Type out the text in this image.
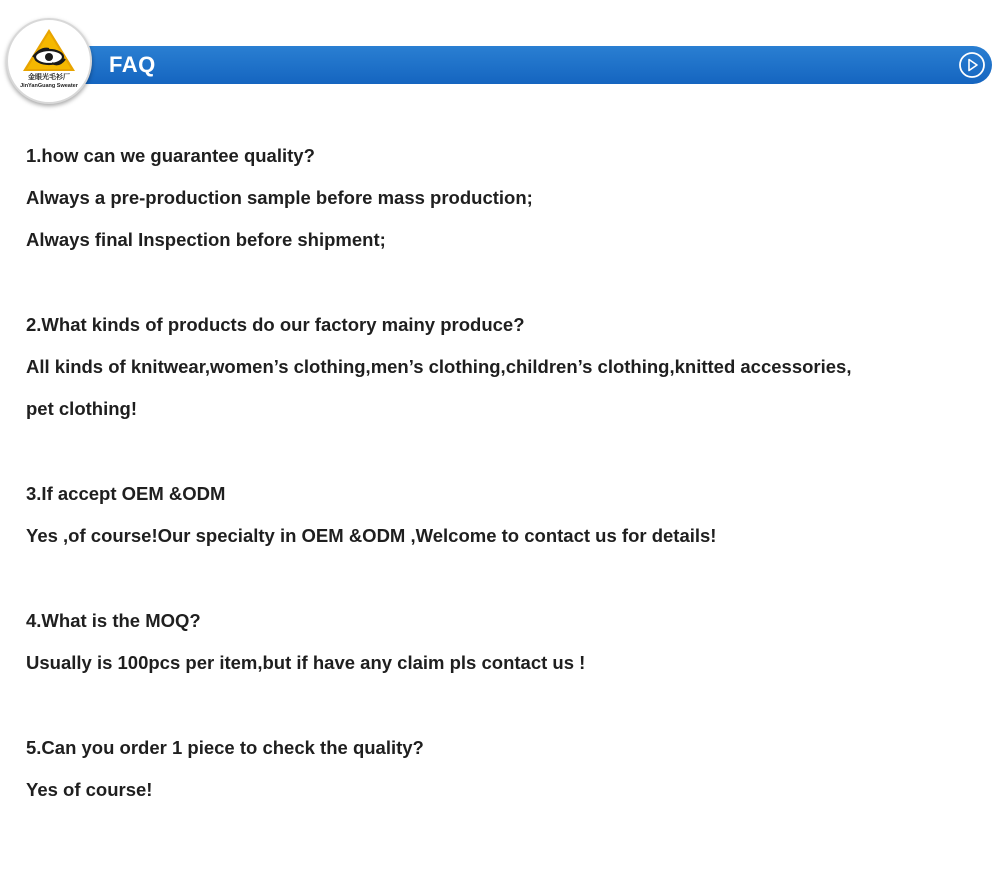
FAQ
金眼光毛衫厂
JinYanGuang Sweater
1.how can we guarantee quality?
Always a pre-production sample before mass production;
Always final Inspection before shipment;
2.What kinds of products do our factory mainy produce?
All kinds of knitwear,women’s clothing,men’s clothing,children’s clothing,knitted accessories,
pet clothing!
3.If accept OEM &ODM
Yes ,of course!Our specialty in OEM &ODM ,Welcome to contact us for details!
4.What is the MOQ?
Usually is 100pcs per item,but if have any claim pls contact us !
5.Can you order 1 piece to check the quality?
Yes of course!
